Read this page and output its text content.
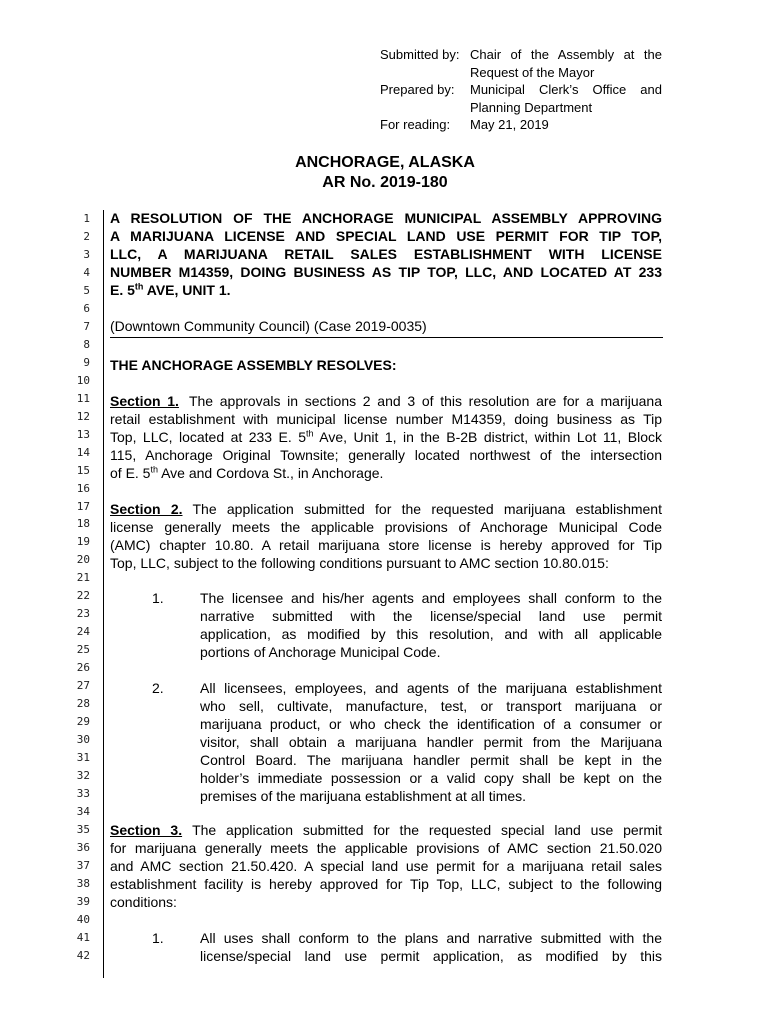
Submitted by: Chair of the Assembly at the
Request of the Mayor
Prepared by:	Municipal Clerk’s Office and
Planning Department
For reading:	May 21, 2019
ANCHORAGE, ALASKA
AR No. 2019-180
1
2
3
4
5
6
7
8
9
10
11
12
13
14
15
16
17
18
19
20
21
22
23
24
25
26
27
28
29
30
31
32
33
34
35
36
37
38
39
40
41
42
A RESOLUTION OF THE ANCHORAGE MUNICIPAL ASSEMBLY APPROVING
A MARIJUANA LICENSE AND SPECIAL LAND USE PERMIT FOR TIP TOP,
LLC, A MARIJUANA RETAIL SALES ESTABLISHMENT WITH LICENSE
NUMBER M14359, DOING BUSINESS AS TIP TOP, LLC, AND LOCATED AT 233
E. 5th AVE, UNIT 1.
(Downtown Community Council) (Case 2019-0035)
THE ANCHORAGE ASSEMBLY RESOLVES:
Section 1. The approvals in sections 2 and 3 of this resolution are for a marijuana
retail establishment with municipal license number M14359, doing business as Tip
Top, LLC, located at 233 E. 5th Ave, Unit 1, in the B-2B district, within Lot 11, Block
115, Anchorage Original Townsite; generally located northwest of the intersection
of E. 5th Ave and Cordova St., in Anchorage.
Section 2. The application submitted for the requested marijuana establishment
license generally meets the applicable provisions of Anchorage Municipal Code
(AMC) chapter 10.80. A retail marijuana store license is hereby approved for Tip
Top, LLC, subject to the following conditions pursuant to AMC section 10.80.015:
1.	The licensee and his/her agents and employees shall conform to the
narrative submitted with the license/special land use permit
application, as modified by this resolution, and with all applicable
portions of Anchorage Municipal Code.
2.	All licensees, employees, and agents of the marijuana establishment
who sell, cultivate, manufacture, test, or transport marijuana or
marijuana product, or who check the identification of a consumer or
visitor, shall obtain a marijuana handler permit from the Marijuana
Control Board. The marijuana handler permit shall be kept in the
holder’s immediate possession or a valid copy shall be kept on the
premises of the marijuana establishment at all times.
Section 3. The application submitted for the requested special land use permit
for marijuana generally meets the applicable provisions of AMC section 21.50.020
and AMC section 21.50.420. A special land use permit for a marijuana retail sales
establishment facility is hereby approved for Tip Top, LLC, subject to the following
conditions:
1.	All uses shall conform to the plans and narrative submitted with the
license/special land use permit application, as modified by this
